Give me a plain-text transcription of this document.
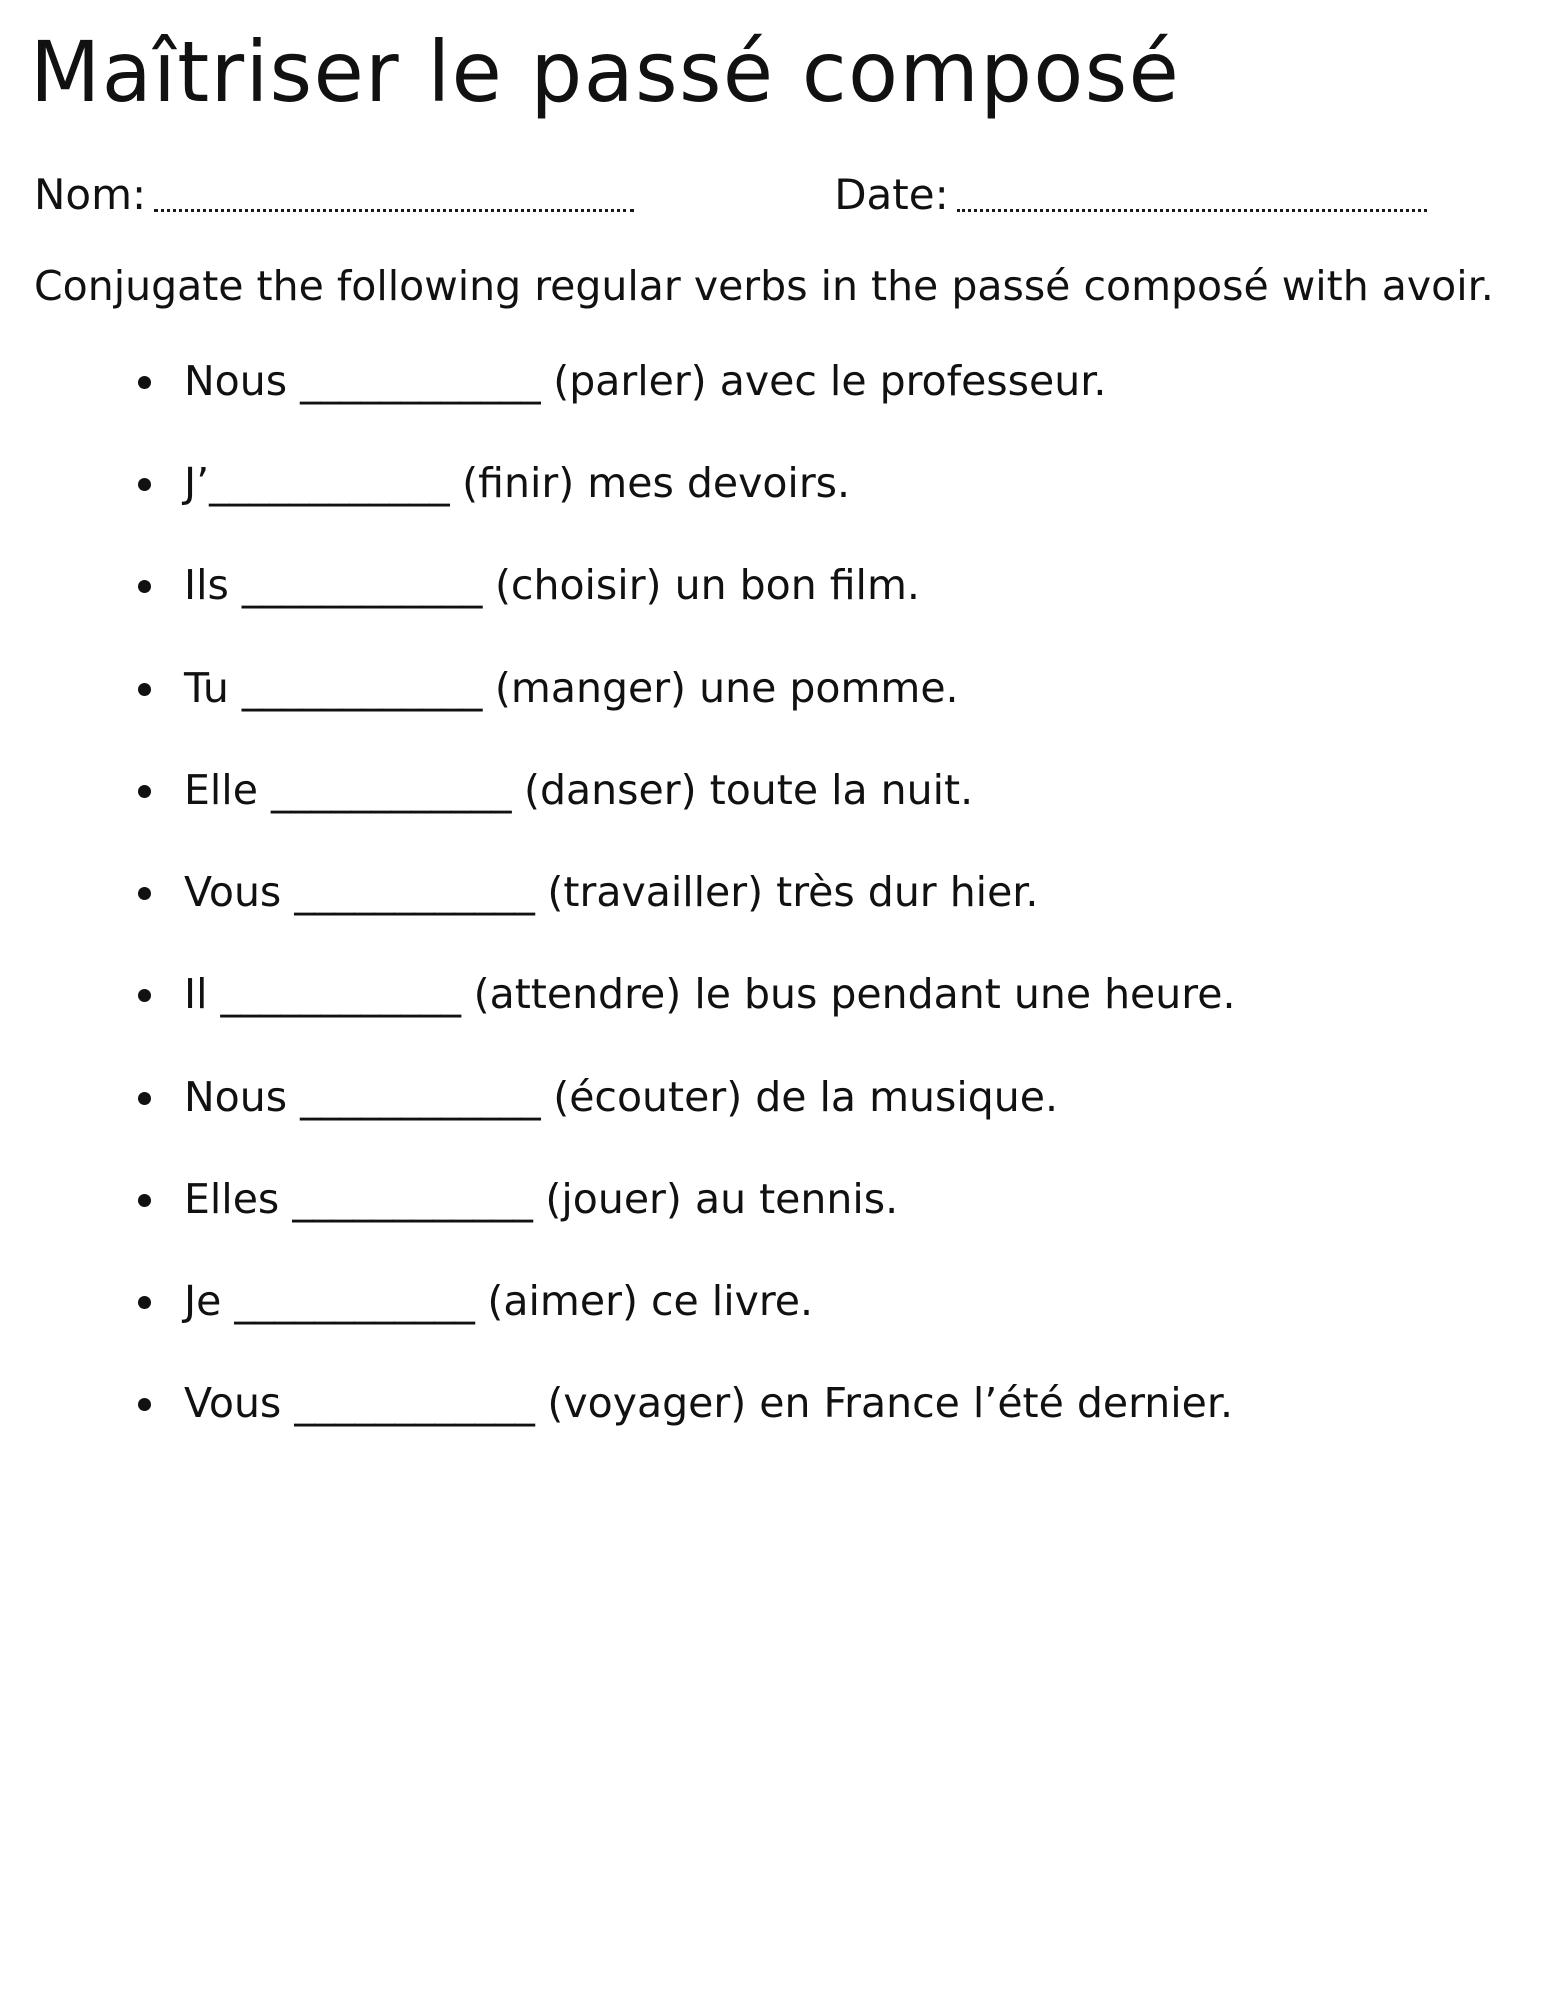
Maîtriser le passé composé
Nom:	Date:

Conjugate the following regular verbs in the passé composé with avoir.

Nous ____________ (parler) avec le professeur.
J’____________ (finir) mes devoirs.
Ils ____________ (choisir) un bon film.
Tu ____________ (manger) une pomme.
Elle ____________ (danser) toute la nuit.
Vous ____________ (travailler) très dur hier.
Il ____________ (attendre) le bus pendant une heure.
Nous ____________ (écouter) de la musique.
Elles ____________ (jouer) au tennis.
Je ____________ (aimer) ce livre.
Vous ____________ (voyager) en France l’été dernier.
